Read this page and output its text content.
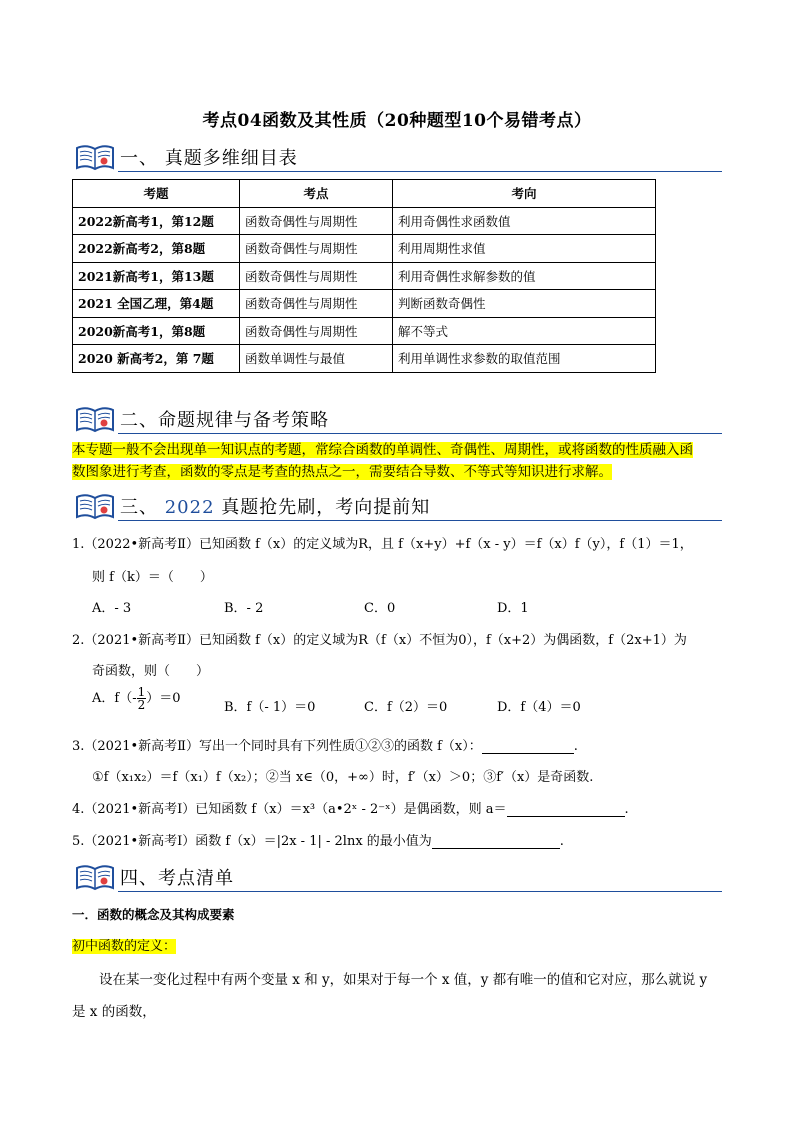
考点04函数及其性质（20种题型10个易错考点）
一、 真题多维细目表
考题	考点	考向
2022新高考1，第12题	函数奇偶性与周期性	利用奇偶性求函数值
2022新高考2，第8题	函数奇偶性与周期性	利用周期性求值
2021新高考1，第13题	函数奇偶性与周期性	利用奇偶性求解参数的值
2021 全国乙理，第4题	函数奇偶性与周期性	判断函数奇偶性
2020新高考1，第8题	函数奇偶性与周期性	解不等式
2020 新高考2，第 7题	函数单调性与最值	利用单调性求参数的取值范围
二、命题规律与备考策略
本专题一般不会出现单一知识点的考题，常综合函数的单调性、奇偶性、周期性，或将函数的性质融入函
数图象进行考查，函数的零点是考查的热点之一，需要结合导数、不等式等知识进行求解。
三、 2022 真题抢先刷，考向提前知
1.（2022•新高考Ⅱ）已知函数 f（x）的定义域为R，且 f（x+y）+f（x - y）＝f（x）f（y），f（1）＝1，
则 f（k）＝（　　）
A．- 3	B．- 2	C．0	D．1
2.（2021•新高考Ⅱ）已知函数 f（x）的定义域为R（f（x）不恒为0），f（x+2）为偶函数，f（2x+1）为
奇函数，则（　　）
A．$f(- \frac{1}{2} )=0$
B．f（- 1）＝0	C．f（2）＝0	D．f（4）＝0
3.（2021•新高考Ⅱ）写出一个同时具有下列性质①②③的函数 f（x）：	.
①f（x₁x₂）＝f（x₁）f（x₂）；②当 x∈（0，+∞）时，f′（x）＞0；③f′（x）是奇函数.
4.（2021•新高考Ⅰ）已知函数 f（x）＝x³（a•2ˣ - 2⁻ˣ）是偶函数，则 a＝	.
5.（2021•新高考Ⅰ）函数 f（x）＝|2x - 1| - 2lnx 的最小值为	.
四、考点清单
一．函数的概念及其构成要素
初中函数的定义：
设在某一变化过程中有两个变量 x 和 y，如果对于每一个 x 值，y 都有唯一的值和它对应，那么就说 y
是 x 的函数，
